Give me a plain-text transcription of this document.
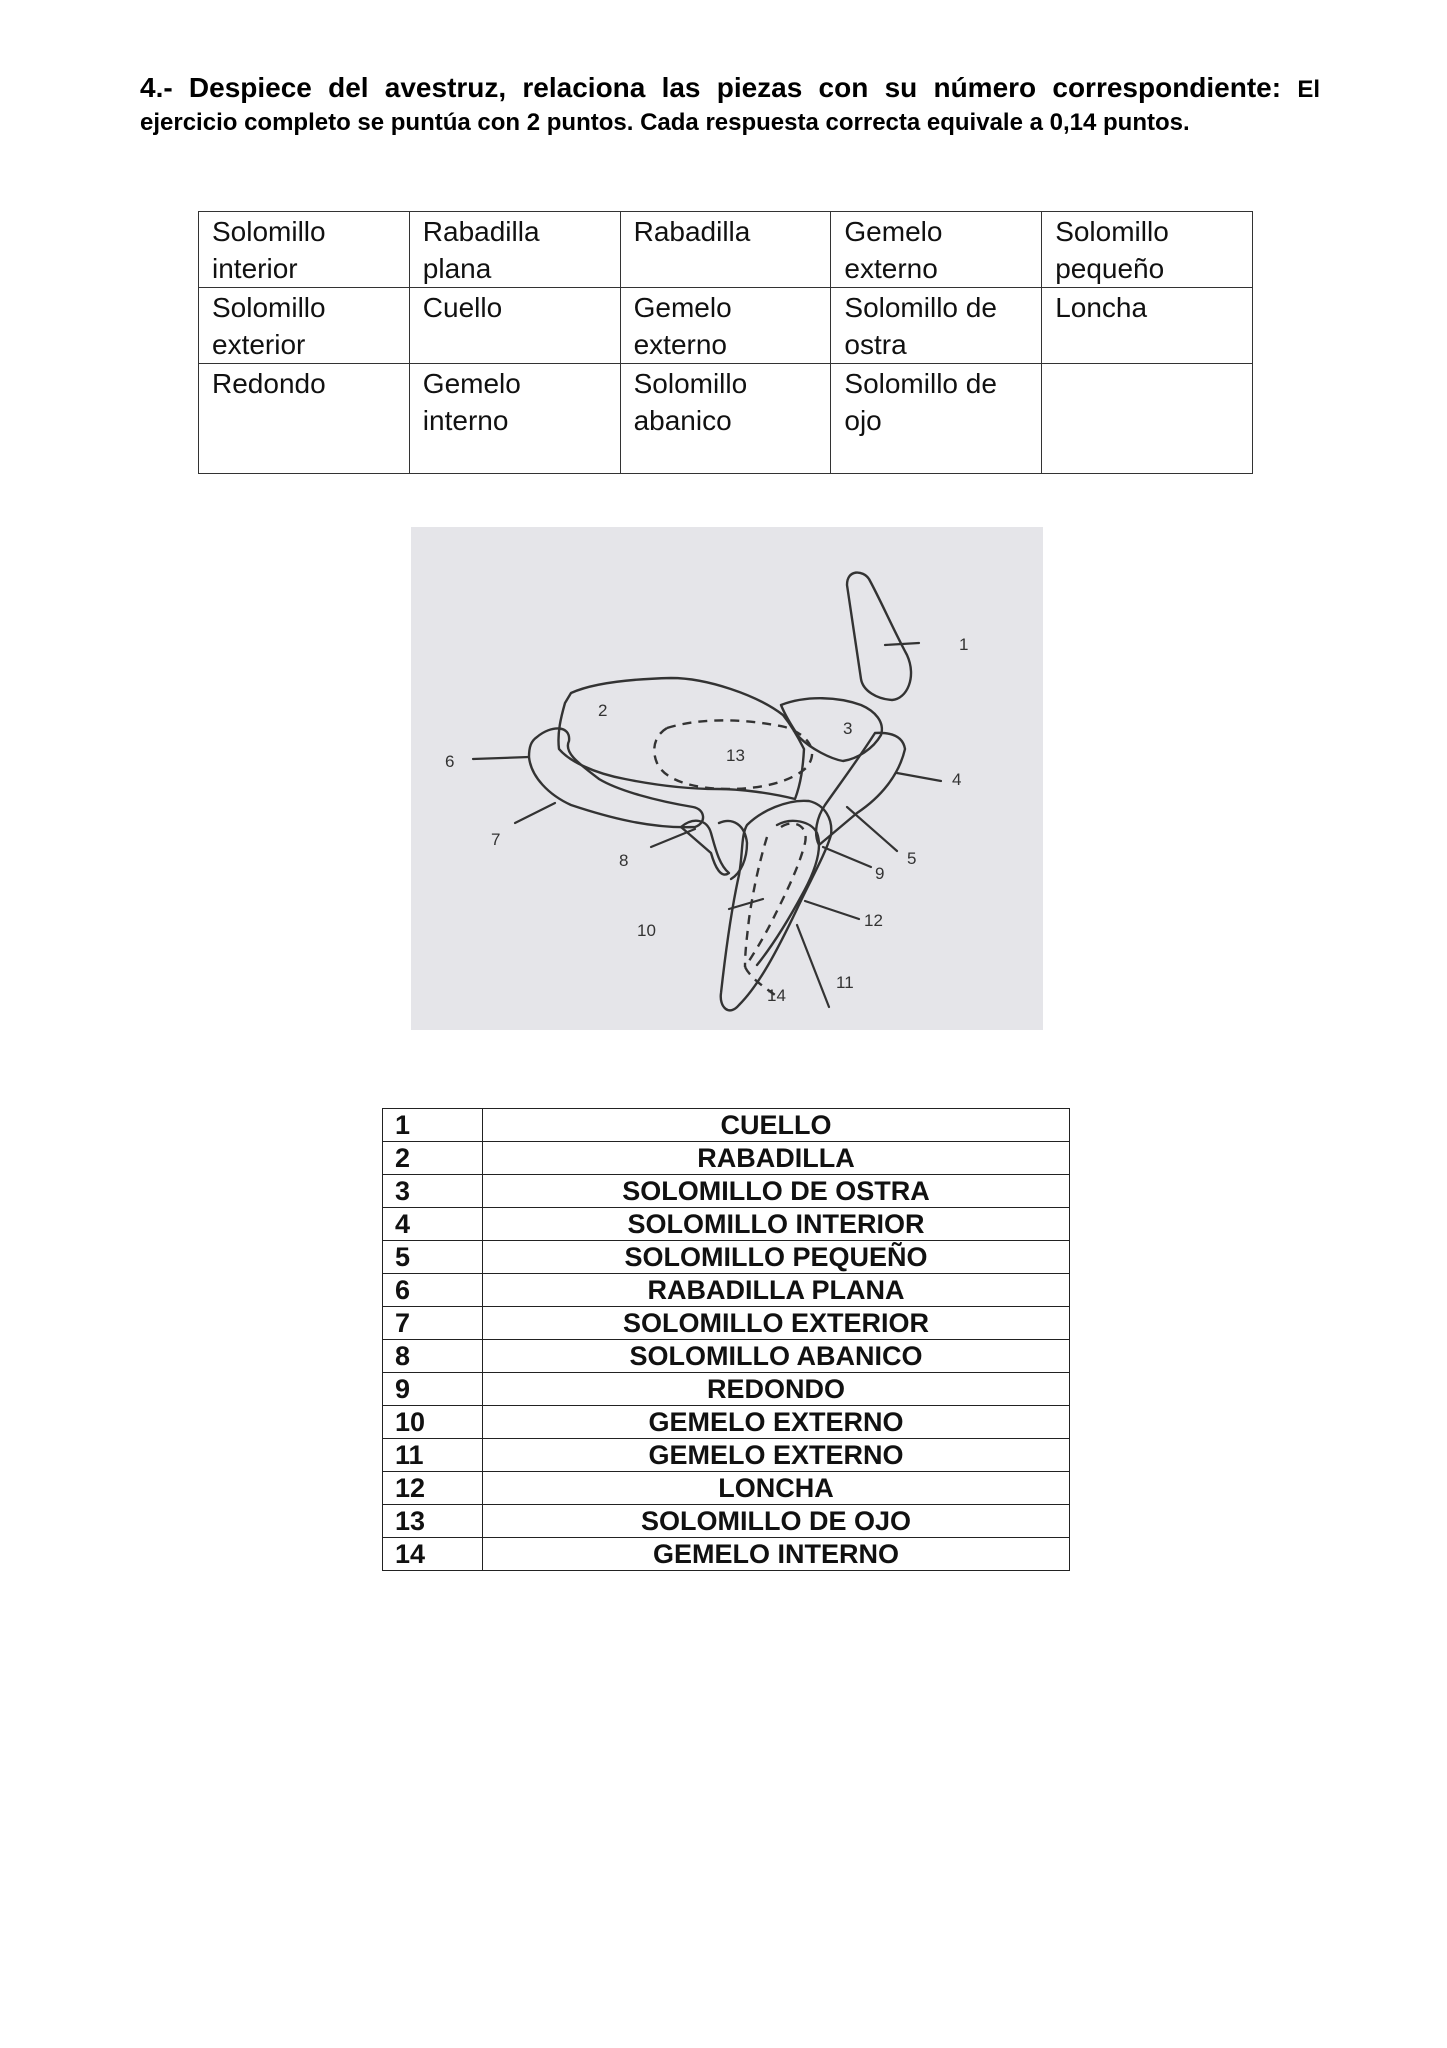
4.- Despiece del avestruz, relaciona las piezas con su número correspondiente: El
ejercicio completo se puntúa con 2 puntos. Cada respuesta correcta equivale a 0,14 puntos.
Solomillo interior	Rabadilla plana	Rabadilla	Gemelo externo	Solomillo pequeño
Solomillo exterior	Cuello	Gemelo externo	Solomillo de ostra	Loncha
Redondo	Gemelo interno	Solomillo abanico	Solomillo de ojo	
1
2
3
4
5
6
7
8
9
10
11
12
13
14
1	CUELLO
2	RABADILLA
3	SOLOMILLO DE OSTRA
4	SOLOMILLO INTERIOR
5	SOLOMILLO PEQUEÑO
6	RABADILLA PLANA
7	SOLOMILLO EXTERIOR
8	SOLOMILLO ABANICO
9	REDONDO
10	GEMELO EXTERNO
11	GEMELO EXTERNO
12	LONCHA
13	SOLOMILLO DE OJO
14	GEMELO INTERNO
